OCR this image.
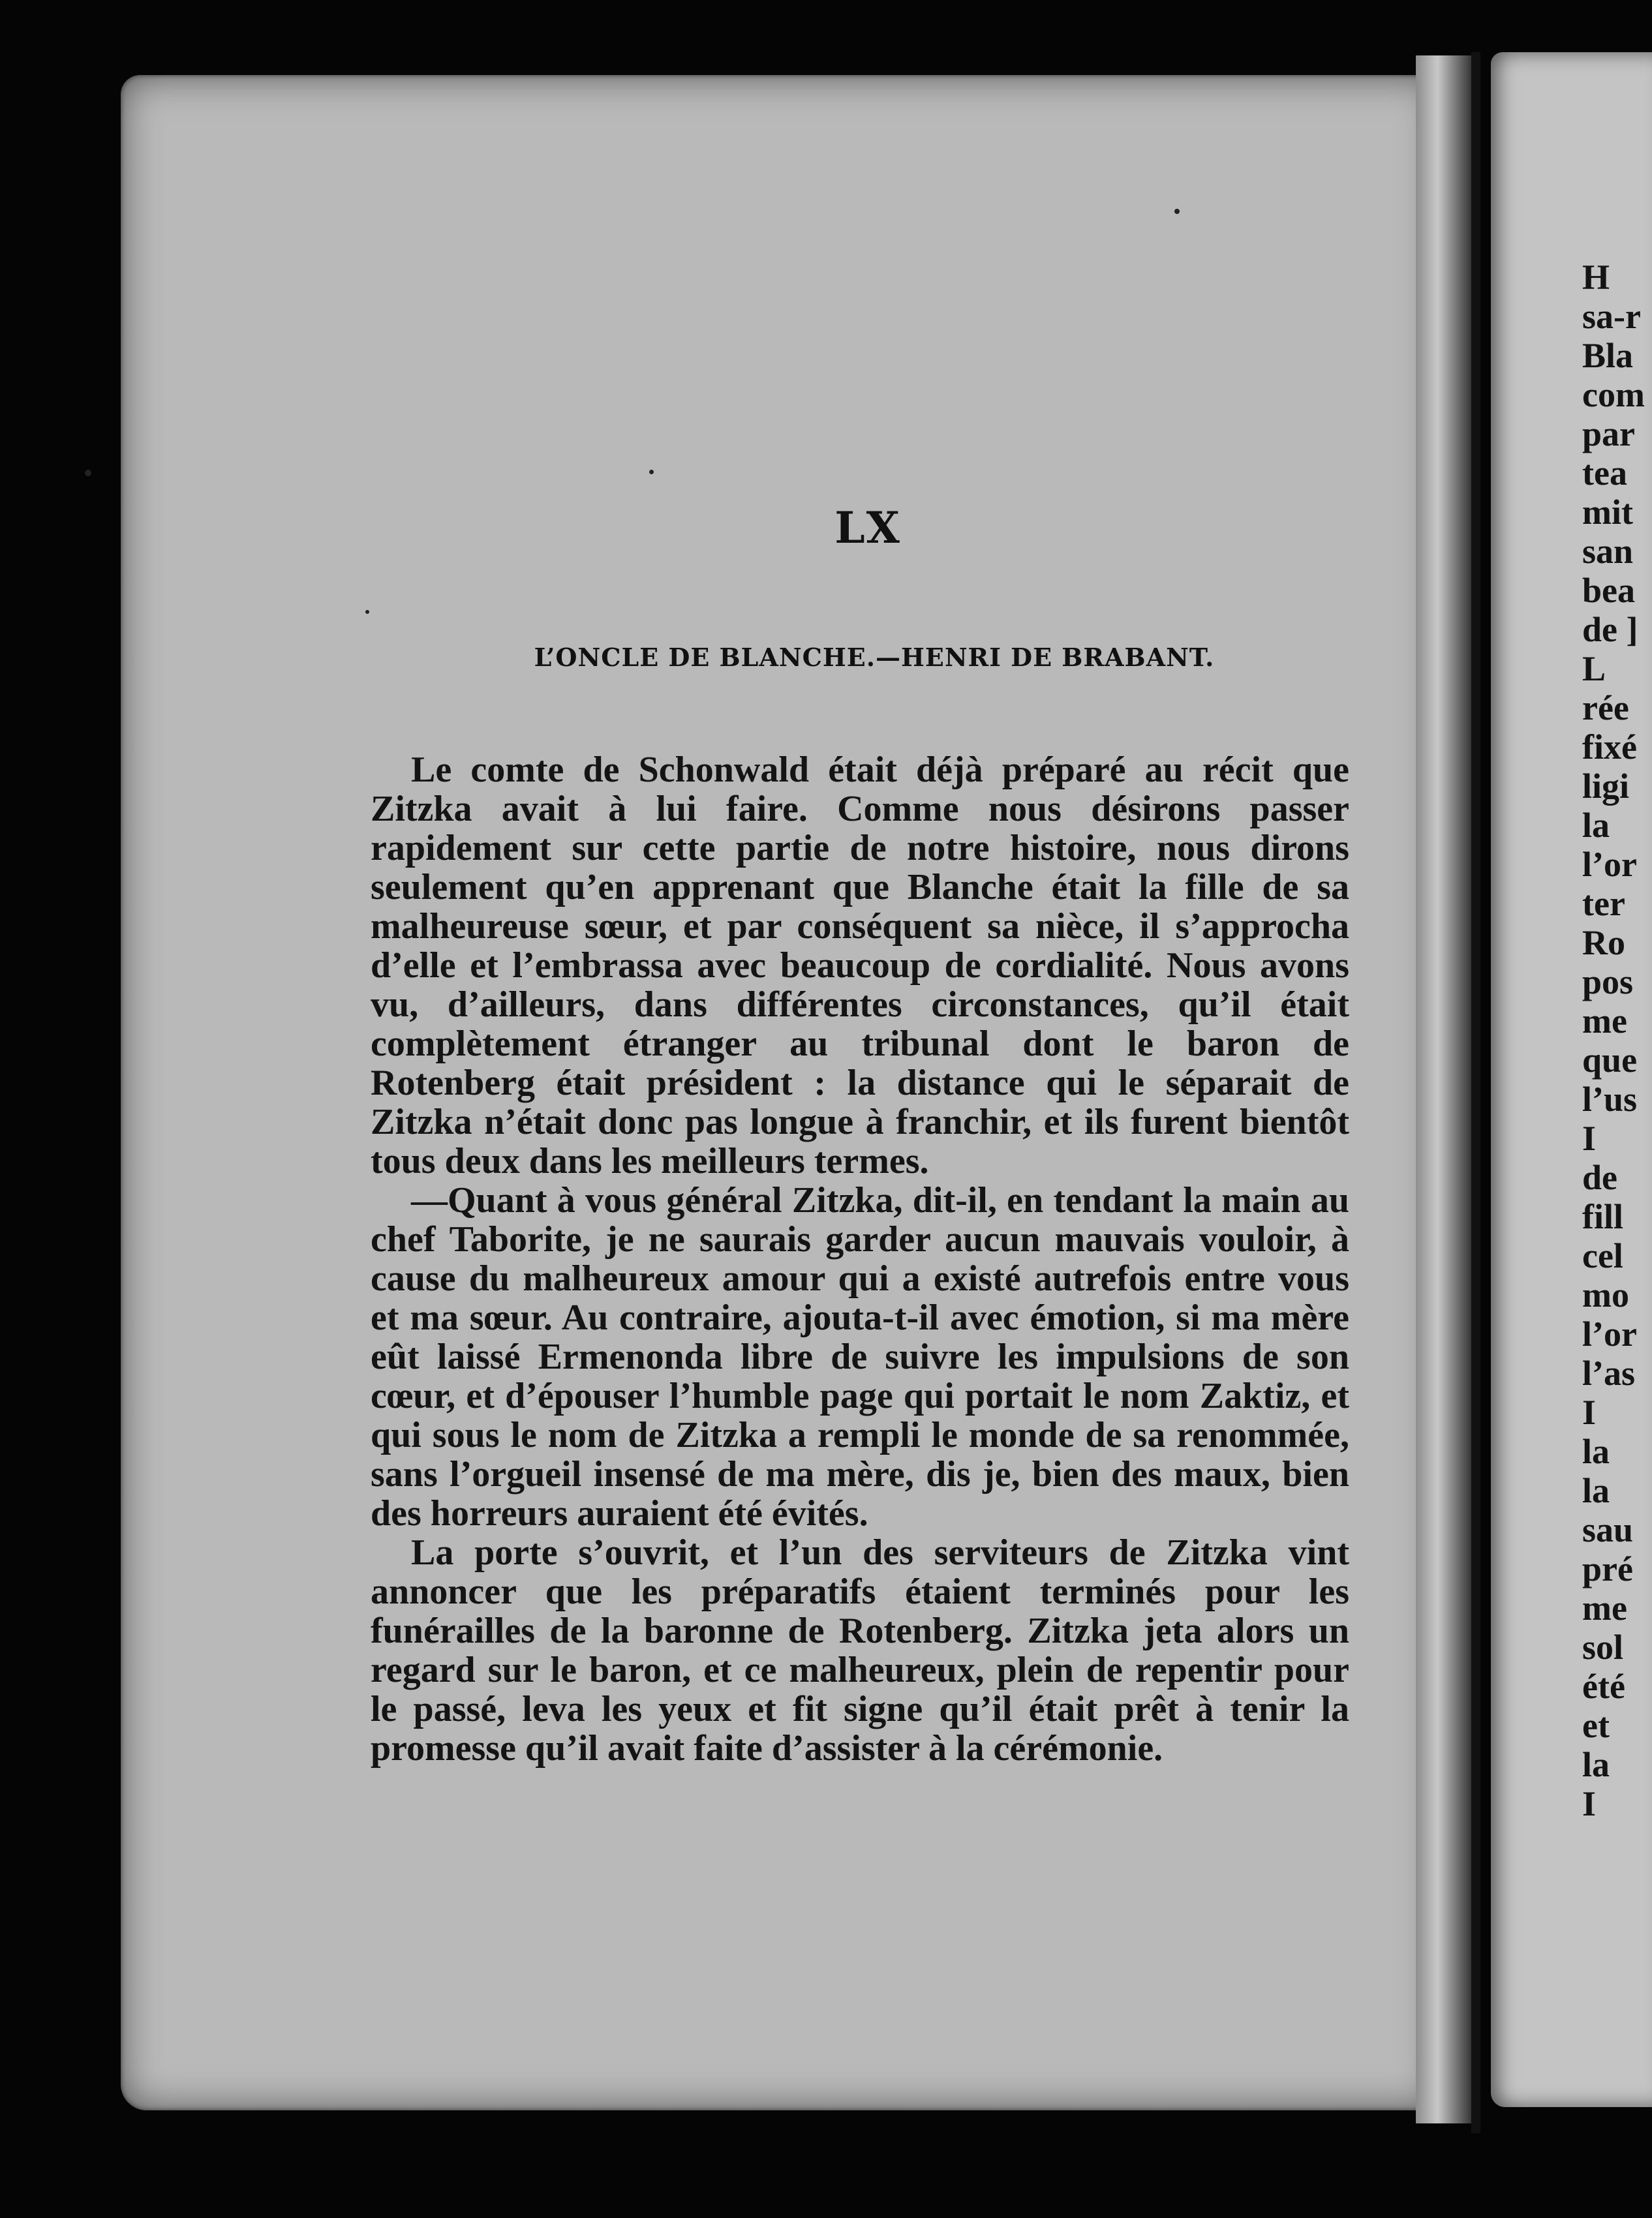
LX
L’ONCLE DE BLANCHE.—HENRI DE BRABANT.

Le comte de Schonwald était déjà préparé au récit que Zitzka avait à lui faire. Comme nous désirons passer rapidement sur cette partie de notre histoire, nous dirons seulement qu’en apprenant que Blanche était la fille de sa malheureuse sœur, et par conséquent sa nièce, il s’approcha d’elle et l’embrassa avec beaucoup de cordialité. Nous avons vu, d’ailleurs, dans différentes circonstances, qu’il était complètement étranger au tribunal dont le baron de Rotenberg était président : la distance qui le séparait de Zitzka n’était donc pas longue à franchir, et ils furent bientôt tous deux dans les meilleurs termes.

—Quant à vous général Zitzka, dit-il, en tendant la main au chef Taborite, je ne saurais garder aucun mauvais vouloir, à cause du malheureux amour qui a existé autrefois entre vous et ma sœur. Au contraire, ajouta-t-il avec émotion, si ma mère eût laissé Ermenonda libre de suivre les impulsions de son cœur, et d’épouser l’humble page qui portait le nom Zaktiz, et qui sous le nom de Zitzka a rempli le monde de sa renommée, sans l’orgueil insensé de ma mère, dis je, bien des maux, bien des horreurs auraient été évités.

La porte s’ouvrit, et l’un des serviteurs de Zitzka vint annoncer que les préparatifs étaient terminés pour les funérailles de la baronne de Rotenberg. Zitzka jeta alors un regard sur le baron, et ce malheureux, plein de repentir pour le passé, leva les yeux et fit signe qu’il était prêt à tenir la promesse qu’il avait faite d’assister à la cérémonie.

H
sa-r
Bla
com
par
tea
mit
san
bea
de ]
L
rée
fixé
ligi
la
l’or
ter
Ro
pos
me
que
l’us
I
de
fill
cel
mo
l’or
l’as
I
la
la
sau
pré
me
sol
été
et
la
I
